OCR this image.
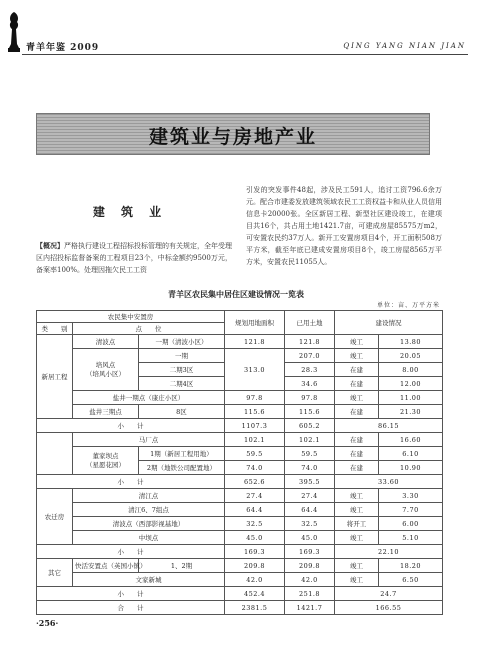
青羊年鉴 2009	QING YANG NIAN JIAN
建筑业与房地产业
建 筑 业
【概况】严格执行建设工程招标投标管理的有关规定，全年受理区内招投标监督备案的工程项目23个，中标金额约9500万元，备案率100%。处理因拖欠民工工资
引发的突发事件48起，涉及民工591人，追讨工资796.6余万元。配合市建委发放建筑领域农民工工资权益卡和从业人员信用信息卡20000张。全区新居工程、新型社区建设竣工，在建项目共16个，共占用土地1421.7亩，可建成房屋85575万m2，可安置农民约37万人。新开工安置房项目4个，开工面积508万平方米，截至年底已建成安置房项目8个，竣工房屋8565万平方米，安置农民11055人。
青羊区农民集中居住区建设情况一览表
单位：亩、万平方米
农民集中安置房			规划用地面积	已用土地	建设情况	
类　　别	点　　位					
新居工程	清波点	一期（清波小区）	121.8	121.8	竣工	13.80
	培风点
（培风小区）	一期	313.0	207.0	竣工	20.05
		二期3区		28.3	在建	8.00
		二期4区		34.6	在建	12.00
	盐井一期点（康庄小区）		97.8	97.8	竣工	11.00
	盐井三期点	8区	115.6	115.6	在建	21.30
小　　计			1107.3	605.2	86.15	
	马厂点		102.1	102.1	在建	16.60
	董家坝点
（星愿花园）	1期（新居工程用地）	59.5	59.5	在建	6.10
		2期（地铁公司配置地）	74.0	74.0	在建	10.90
小　　计			652.6	395.5	33.60	
农迁房	清江点		27.4	27.4	竣工	3.30
	清江6、7组点		64.4	64.4	竣工	7.70
	清波点（西部影视基地）		32.5	32.5	将开工	6.00
	中坝点		45.0	45.0	竣工	5.10
小　　计			169.3	169.3	22.10	
其它	快活安置点（英国小镇）	1、2期	209.8	209.8	竣工	18.20
	文家新城		42.0	42.0	竣工	6.50
小　　计			452.4	251.8	24.7	
合　　计			2381.5	1421.7	166.55	
·256·
